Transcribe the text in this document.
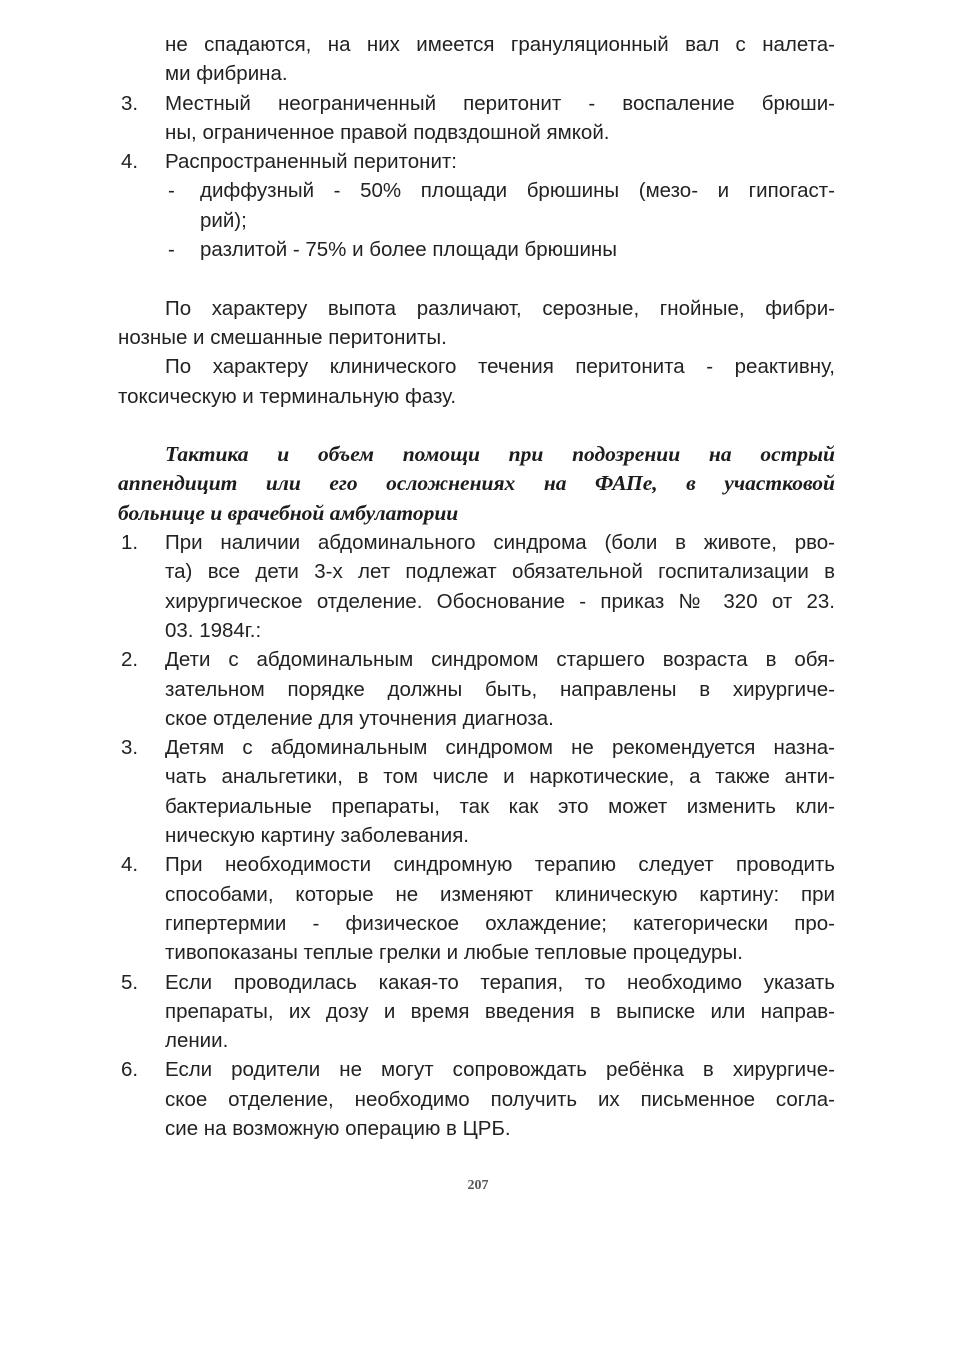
не спадаются, на них имеется грануляционный вал с налета-
ми фибрина.
3. Местный неограниченный перитонит - воспаление брюши-
ны, ограниченное правой подвздошной ямкой.
4. Распространенный перитонит:
- диффузный - 50% площади брюшины (мезо- и гипогаст-
рий);
- разлитой - 75% и более площади брюшины
По характеру выпота различают, серозные, гнойные, фибри-
нозные и смешанные перитониты.
По характеру клинического течения перитонита - реактивну,
токсическую и терминальную фазу.
Тактика и объем помощи при подозрении на острый
аппендицит или его осложнениях на ФАПе, в участковой
больнице и врачебной амбулатории
1. При наличии абдоминального синдрома (боли в животе, рво-
та) все дети 3-х лет подлежат обязательной госпитализации в
хирургическое отделение. Обоснование - приказ № 320 от 23.
03. 1984г.:
2. Дети с абдоминальным синдромом старшего возраста в обя-
зательном порядке должны быть, направлены в хирургиче-
ское отделение для уточнения диагноза.
3. Детям с абдоминальным синдромом не рекомендуется назна-
чать анальгетики, в том числе и наркотические, а также анти-
бактериальные препараты, так как это может изменить кли-
ническую картину заболевания.
4. При необходимости синдромную терапию следует проводить
способами, которые не изменяют клиническую картину: при
гипертермии - физическое охлаждение; категорически про-
тивопоказаны теплые грелки и любые тепловые процедуры.
5. Если проводилась какая-то терапия, то необходимо указать
препараты, их дозу и время введения в выписке или направ-
лении.
6. Если родители не могут сопровождать ребёнка в хирургиче-
ское отделение, необходимо получить их письменное согла-
сие на возможную операцию в ЦРБ.
207
